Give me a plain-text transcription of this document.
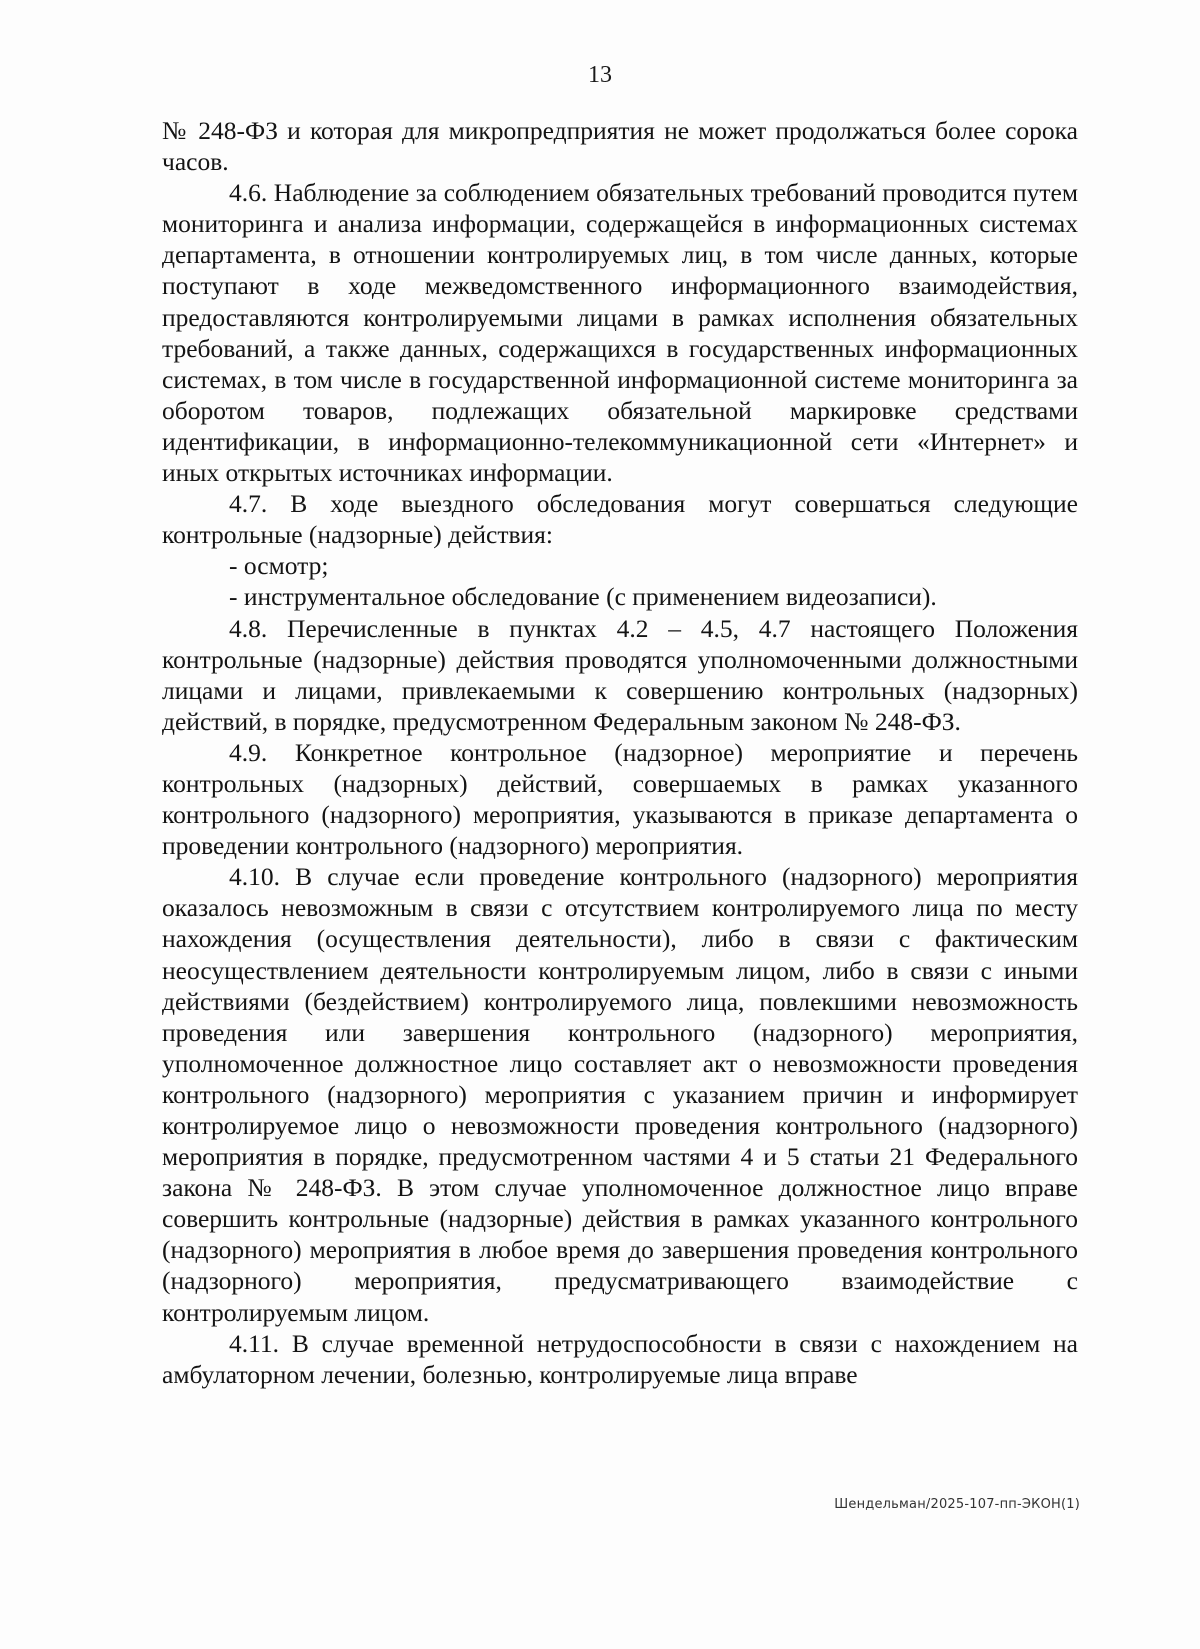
13

№ 248-ФЗ и которая для микропредприятия не может продолжаться более сорока часов.

4.6. Наблюдение за соблюдением обязательных требований проводится путем мониторинга и анализа информации, содержащейся в информационных системах департамента, в отношении контролируемых лиц, в том числе данных, которые поступают в ходе межведомственного информационного взаимодействия, предоставляются контролируемыми лицами в рамках исполнения обязательных требований, а также данных, содержащихся в государственных информационных системах, в том числе в государственной информационной системе мониторинга за оборотом товаров, подлежащих обязательной маркировке средствами идентификации, в информационно-телекоммуникационной сети «Интернет» и иных открытых источниках информации.

4.7. В ходе выездного обследования могут совершаться следующие контрольные (надзорные) действия:

- осмотр;

- инструментальное обследование (с применением видеозаписи).

4.8. Перечисленные в пунктах 4.2 – 4.5, 4.7 настоящего Положения контрольные (надзорные) действия проводятся уполномоченными должностными лицами и лицами, привлекаемыми к совершению контрольных (надзорных) действий, в порядке, предусмотренном Федеральным законом № 248-ФЗ.

4.9. Конкретное контрольное (надзорное) мероприятие и перечень контрольных (надзорных) действий, совершаемых в рамках указанного контрольного (надзорного) мероприятия, указываются в приказе департамента о проведении контрольного (надзорного) мероприятия.

4.10. В случае если проведение контрольного (надзорного) мероприятия оказалось невозможным в связи с отсутствием контролируемого лица по месту нахождения (осуществления деятельности), либо в связи с фактическим неосуществлением деятельности контролируемым лицом, либо в связи с иными действиями (бездействием) контролируемого лица, повлекшими невозможность проведения или завершения контрольного (надзорного) мероприятия, уполномоченное должностное лицо составляет акт о невозможности проведения контрольного (надзорного) мероприятия с указанием причин и информирует контролируемое лицо о невозможности проведения контрольного (надзорного) мероприятия в порядке, предусмотренном частями 4 и 5 статьи 21 Федерального закона № 248-ФЗ. В этом случае уполномоченное должностное лицо вправе совершить контрольные (надзорные) действия в рамках указанного контрольного (надзорного) мероприятия в любое время до завершения проведения контрольного (надзорного) мероприятия, предусматривающего взаимодействие с контролируемым лицом.

4.11. В случае временной нетрудоспособности в связи с нахождением на амбулаторном лечении, болезнью, контролируемые лица вправе

Шендельман/2025-107-пп-ЭКОН(1)
